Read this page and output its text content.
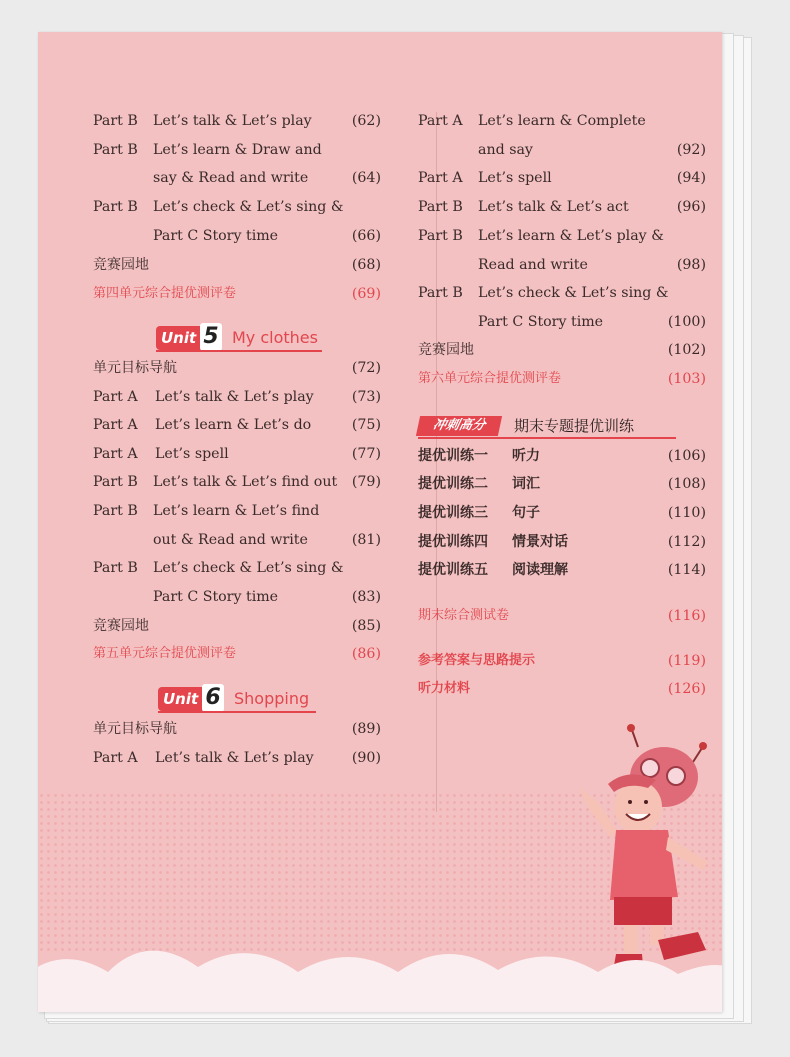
Part B Let’s talk & Let’s play	(62)
Part B Let’s learn & Draw and
say & Read and write	(64)
Part B Let’s check & Let’s sing &
Part C Story time	(66)
竞赛园地	(68)
第四单元综合提优测评卷	(69)
Unit 5 My clothes
单元目标导航	(72)
Part A Let’s talk & Let’s play	(73)
Part A Let’s learn & Let’s do	(75)
Part A Let’s spell	(77)
Part B Let’s talk & Let’s find out (79)
Part B Let’s learn & Let’s find
out & Read and write	(81)
Part B Let’s check & Let’s sing &
Part C Story time	(83)
竞赛园地	(85)
第五单元综合提优测评卷	(86)
Unit 6 Shopping
单元目标导航	(89)
Part A Let’s talk & Let’s play	(90)
Part A Let’s learn & Complete
and say	(92)
Part A Let’s spell	(94)
Part B Let’s talk & Let’s act	(96)
Part B Let’s learn & Let’s play &
Read and write	(98)
Part B Let’s check & Let’s sing &
Part C Story time	(100)
竞赛园地	(102)
第六单元综合提优测评卷	(103)
冲刺高分	期末专题提优训练
提优训练一 听力	(106)
提优训练二 词汇	(108)
提优训练三 句子	(110)
提优训练四 情景对话	(112)
提优训练五 阅读理解	(114)
期末综合测试卷	(116)
参考答案与思路提示	(119)
听力材料	(126)
